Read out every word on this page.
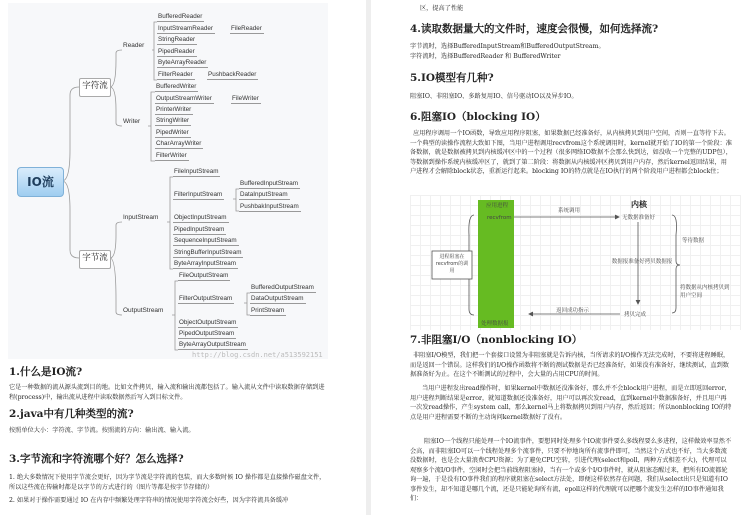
IO流
字符流
字节流
Reader
BufferedReader
InputStreamReader	FileReader
StringReader
PipedReader
ByteArrayReader
FilterReader	PushbackReader
Writer
BufferedWriter
OutputStreamWriter	FileWriter
PrinterWriter
StringWriter
PipedWriter
CharArrayWriter
FilterWriter
InputStream
FileInputStream
FilterInputStream
BufferedInputStream
DataInputStream
PushbakInputStream
ObjectInputStream
PipedInputStream
SequenceInputStream
StringBufferInputStream
ByteArrayInputStream
OutputStream
FileOutputStream
FilterOutputStream
BufferedOutputStream
DataOutputStream
PrintStream
ObjectOutputStream
PipedOutputStream
ByteArrayOutputStream
http://blog.csdn.net/a513592151
1.什么是IO流?
它是一种数据的流从源头流到目的地。比如文件拷贝，输入流和输出流都包括了。输入流从文件中读取数据存储到进程(process)中，输出流从进程中读取数据然后写入到目标文件。
2.java中有几种类型的流?
按照单位大小：字符流、字节流。按照流的方向：输出流、输入流。
3.字节流和字符流哪个好？怎么选择?
1. 绝大多数情况下使用字节流会更好，因为字节流是字符流的包装，而大多数时候 IO 操作都是直接操作磁盘文件，所以这些流在传输时都是以字节的方式进行的（图片等都是按字节存储的）
2. 如果对于操作需要通过 IO 在内存中频繁处理字符串的情况使用字符流会好些，因为字符流具备缓冲
区，提高了性能
4.读取数据量大的文件时，速度会很慢，如何选择流?
字节流时，选择BufferedInputStream和BufferedOutputStream。
字符流时，选择BufferedReader 和 BufferedWriter
5.IO模型有几种?
阻塞IO、非阻塞IO、多路复用IO、信号驱动IO以及异步IO。
6.阻塞IO（blocking IO）
应用程序调用一个IO函数，导致应用程序阻塞，如果数据已经准备好，从内核拷贝到用户空间，否则一直等待下去。一个典型的读操作流程大致如下图，当用户进程调用recvfrom这个系统调用时，kernel就开始了IO的第一个阶段：准备数据，就是数据被拷贝到内核缓冲区中的一个过程（很多网络IO数据不会那么快到达，如没收一个完整的UDP包），等数据到操作系统内核缓冲区了，就到了第二阶段：将数据从内核缓冲区拷贝到用户内存，然后kernel返回结果，用户进程才会解除block状态，重新运行起来。blocking IO的特点就是在IO执行的两个阶段用户进程都会block住；
应用进程
recvfrom
处理数据报
内核
系统调用
无数据准备好
数据报准备好拷贝数据报
拷贝完成
返回成功指示
等待数据
将数据从内核拷贝到用户空间
进程阻塞在recvfrom的调用
7.非阻塞I/O（nonblocking IO）
非阻塞I/O模型，我们把一个套接口设置为非阻塞就是告诉内核，当所请求的I/O操作无法完成时，不要将进程睡眠，而是返回一个错误。这样我们的I/O操作函数将不断的测试数据是否已经准备好，如果没有准备好，继续测试，直到数据准备好为止。在这个不断测试的过程中，会大量的占用CPU的时间。
当用户进程发出read操作时，如果kernel中数据还没准备好，那么并不会block用户进程，而是立即返回error，用户进程判断结果是error，就知道数据还没准备好，用户可以再次发read，直到kernel中数据准备好，并且用户再一次发read操作，产生system call，那么kernel马上将数据拷贝到用户内存，然后返回；所以nonblocking IO的特点是用户进程需要不断的主动询问kernel数据好了没有。
阻塞IO一个线程只能处理一个IO流事件，要想同时处理多个IO流事件要么多线程要么多进程，这样做效率显然不会高，而非阻塞IO可以一个线程处理多个流事件，只要不停地询所有流事件即可，当然这个方式也不好，当大多数流没数据时，也是会大量浪费CPU资源；为了避免CPU空转，引进代理(select和poll，两种方式相差不大)，代理可以观察多个流I/O事件，空闲时会把当前线程阻塞掉，当有一个或多个I/O事件时，就从阻塞态醒过来，把所有IO流都轮询一遍，于是没有IO事件我们的程序就阻塞在select方法处，即便这样依然存在问题，我们从select出只是知道有IO事件发生，却不知道是哪几个流，还是只能轮询所有流，epoll这样的代理就可以把哪个流发生怎样的IO事件通知我们：
